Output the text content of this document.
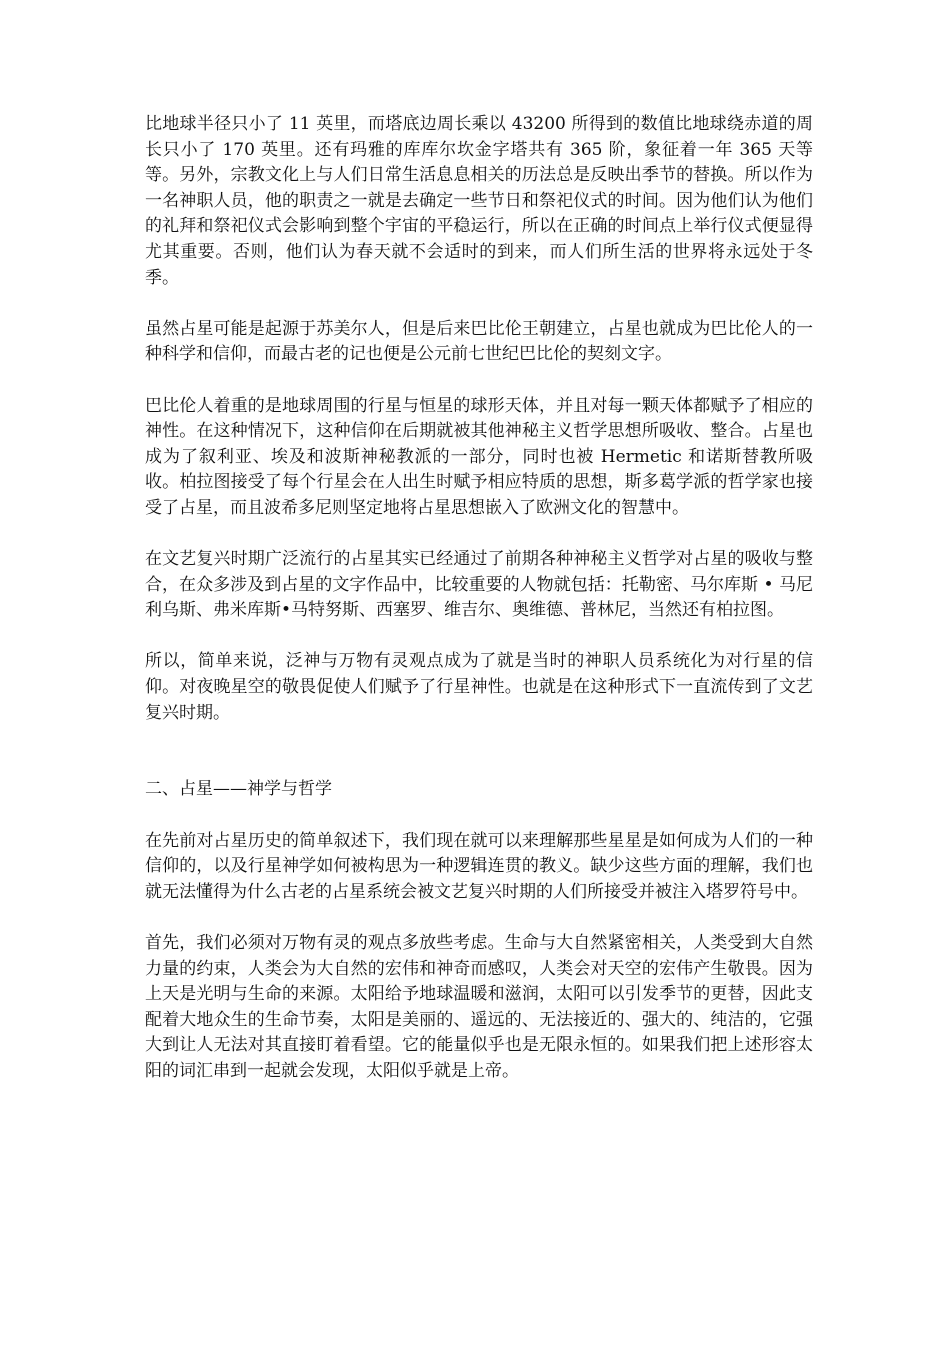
比地球半径只小了 11 英里，而塔底边周长乘以 43200 所得到的数值比地球绕赤道的周长只小了 170 英里。还有玛雅的库库尔坎金字塔共有 365 阶，象征着一年 365 天等等。另外，宗教文化上与人们日常生活息息相关的历法总是反映出季节的替换。所以作为一名神职人员，他的职责之一就是去确定一些节日和祭祀仪式的时间。因为他们认为他们的礼拜和祭祀仪式会影响到整个宇宙的平稳运行，所以在正确的时间点上举行仪式便显得尤其重要。否则，他们认为春天就不会适时的到来，而人们所生活的世界将永远处于冬季。

虽然占星可能是起源于苏美尔人，但是后来巴比伦王朝建立，占星也就成为巴比伦人的一种科学和信仰，而最古老的记也便是公元前七世纪巴比伦的契刻文字。

巴比伦人着重的是地球周围的行星与恒星的球形天体，并且对每一颗天体都赋予了相应的神性。在这种情况下，这种信仰在后期就被其他神秘主义哲学思想所吸收、整合。占星也成为了叙利亚、埃及和波斯神秘教派的一部分，同时也被 Hermetic 和诺斯替教所吸收。柏拉图接受了每个行星会在人出生时赋予相应特质的思想，斯多葛学派的哲学家也接受了占星，而且波希多尼则坚定地将占星思想嵌入了欧洲文化的智慧中。

在文艺复兴时期广泛流行的占星其实已经通过了前期各种神秘主义哲学对占星的吸收与整合，在众多涉及到占星的文字作品中，比较重要的人物就包括：托勒密、马尔库斯 • 马尼利乌斯、弗米库斯•马特努斯、西塞罗、维吉尔、奥维德、普林尼，当然还有柏拉图。

所以，简单来说，泛神与万物有灵观点成为了就是当时的神职人员系统化为对行星的信仰。对夜晚星空的敬畏促使人们赋予了行星神性。也就是在这种形式下一直流传到了文艺复兴时期。

二、占星——神学与哲学

在先前对占星历史的简单叙述下，我们现在就可以来理解那些星星是如何成为人们的一种信仰的，以及行星神学如何被构思为一种逻辑连贯的教义。缺少这些方面的理解，我们也就无法懂得为什么古老的占星系统会被文艺复兴时期的人们所接受并被注入塔罗符号中。

首先，我们必须对万物有灵的观点多放些考虑。生命与大自然紧密相关，人类受到大自然力量的约束，人类会为大自然的宏伟和神奇而感叹，人类会对天空的宏伟产生敬畏。因为上天是光明与生命的来源。太阳给予地球温暖和滋润，太阳可以引发季节的更替，因此支配着大地众生的生命节奏，太阳是美丽的、遥远的、无法接近的、强大的、纯洁的，它强大到让人无法对其直接盯着看望。它的能量似乎也是无限永恒的。如果我们把上述形容太阳的词汇串到一起就会发现，太阳似乎就是上帝。
